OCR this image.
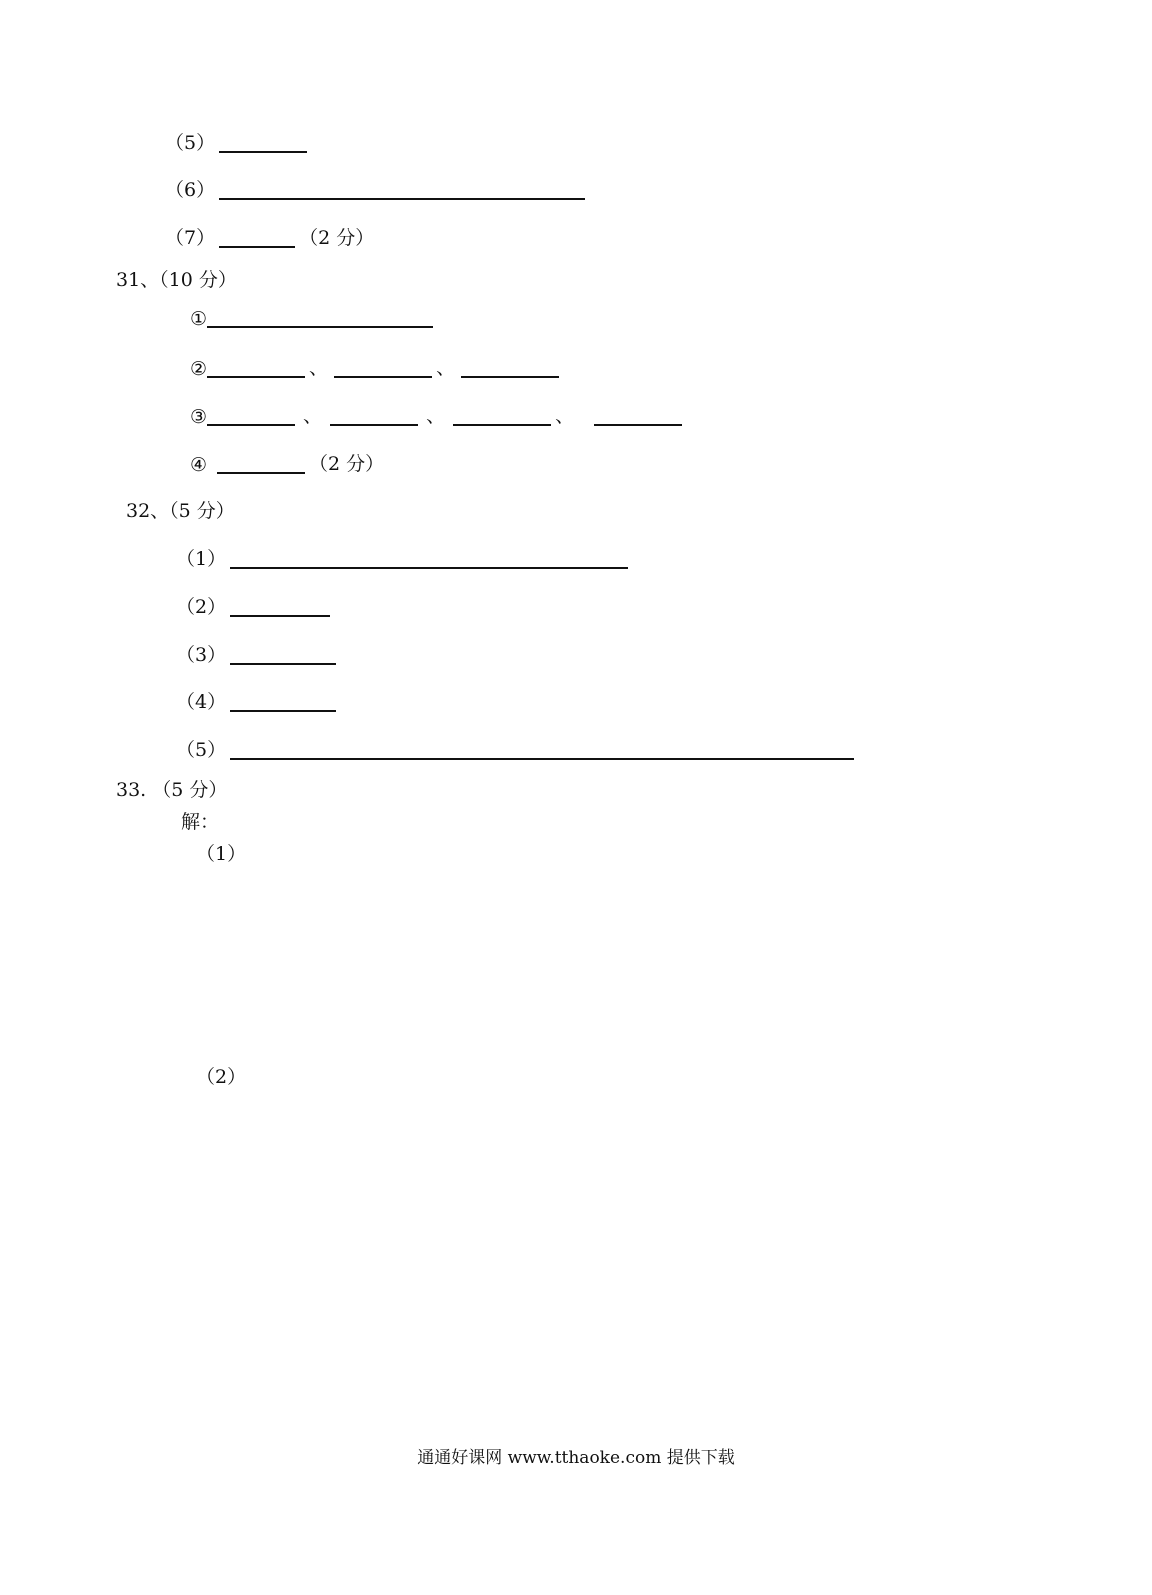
（5）
（6）
（7）	（2 分）
31、（10 分）
①
②	、	、
③	、	、	、
④	（2 分）
32、（5 分）
（1）
（2）
（3）
（4）
（5）
33. （5 分）
解：
（1）
（2）
通通好课网 www.tthaoke.com 提供下载
